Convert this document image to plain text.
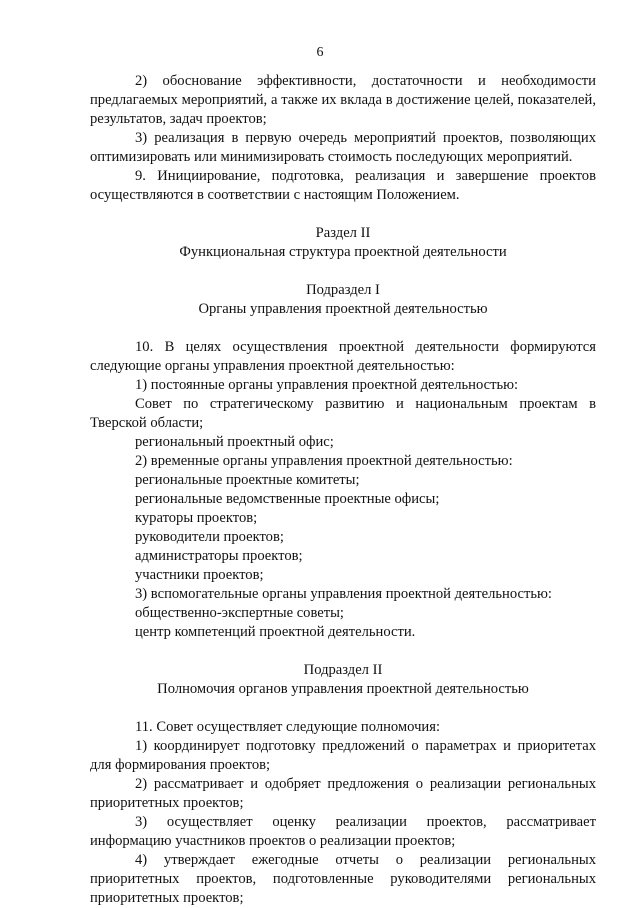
6

2) обоснование эффективности, достаточности и необходимости предлагаемых мероприятий, а также их вклада в достижение целей, показателей, результатов, задач проектов;

3) реализация в первую очередь мероприятий проектов, позволяющих оптимизировать или минимизировать стоимость последующих мероприятий.

9. Инициирование, подготовка, реализация и завершение проектов осуществляются в соответствии с настоящим Положением.

Раздел II

Функциональная структура проектной деятельности

Подраздел I

Органы управления проектной деятельностью

10. В целях осуществления проектной деятельности формируются следующие органы управления проектной деятельностью:

1) постоянные органы управления проектной деятельностью:

Совет по стратегическому развитию и национальным проектам в Тверской области;

региональный проектный офис;

2) временные органы управления проектной деятельностью:

региональные проектные комитеты;

региональные ведомственные проектные офисы;

кураторы проектов;

руководители проектов;

администраторы проектов;

участники проектов;

3) вспомогательные органы управления проектной деятельностью:

общественно-экспертные советы;

центр компетенций проектной деятельности.

Подраздел II

Полномочия органов управления проектной деятельностью

11. Совет осуществляет следующие полномочия:

1) координирует подготовку предложений о параметрах и приоритетах для формирования проектов;

2) рассматривает и одобряет предложения о реализации региональных приоритетных проектов;

3) осуществляет оценку реализации проектов, рассматривает информацию участников проектов о реализации проектов;

4) утверждает ежегодные отчеты о реализации региональных приоритетных проектов, подготовленные руководителями региональных приоритетных проектов;
